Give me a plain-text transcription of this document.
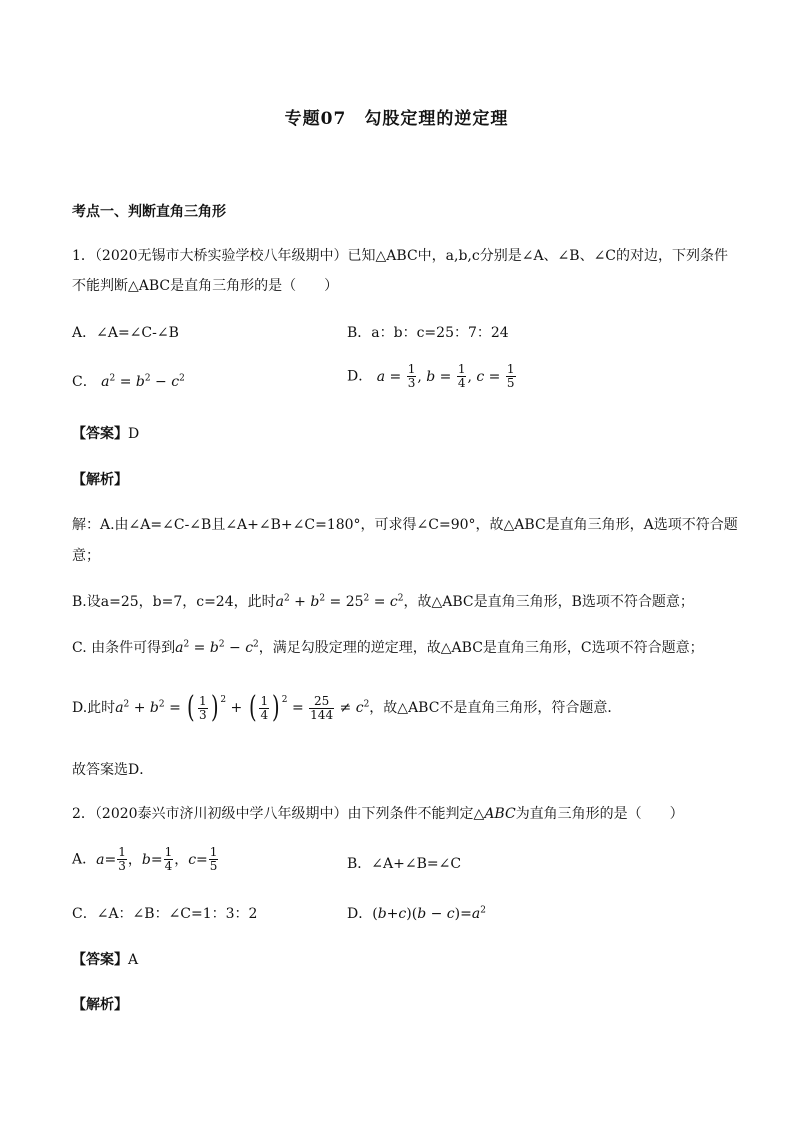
专题07　勾股定理的逆定理
考点一、判断直角三角形
1．（2020无锡市大桥实验学校八年级期中）已知△ABC中，a,b,c分别是∠A、∠B、∠C的对边，下列条件
不能判断△ABC是直角三角形的是（　　）
A．∠A=∠C-∠B	B．a：b：c=25：7：24
C． $a^2 = b^2 - c^2$	D． $a = \frac{1}{3}$ , $b = \frac{1}{4}$ , $c = \frac{1}{5}$
【答案】D
【解析】
解：A.由∠A=∠C-∠B且∠A+∠B+∠C=180°，可求得∠C=90°，故△ABC是直角三角形，A选项不符合题
意；
B.设a=25，b=7，c=24，此时$a^2 + b^2 = 25^2 = c^2$，故△ABC是直角三角形，B选项不符合题意；
C. 由条件可得到$a^2 = b^2 - c^2$，满足勾股定理的逆定理，故△ABC是直角三角形，C选项不符合题意；
D.此时$a^2 + b^2$ = ( $\frac{1}{3} )^2$ + ( $\frac{1}{4} )^2 = \frac{25}{144} \ne c^2$，故△ABC不是直角三角形，符合题意．
故答案选D．
2．（2020泰兴市济川初级中学八年级期中）由下列条件不能判定△ABC为直角三角形的是（　　）
A．$a= \frac{1}{3}$ ，$b= \frac{1}{4}$ ，$c= \frac{1}{5}$	B．∠A+∠B=∠C
C．∠A：∠B：∠C=1：3：2	D．$(b+c)(b - c)=a^2$
【答案】A
【解析】
